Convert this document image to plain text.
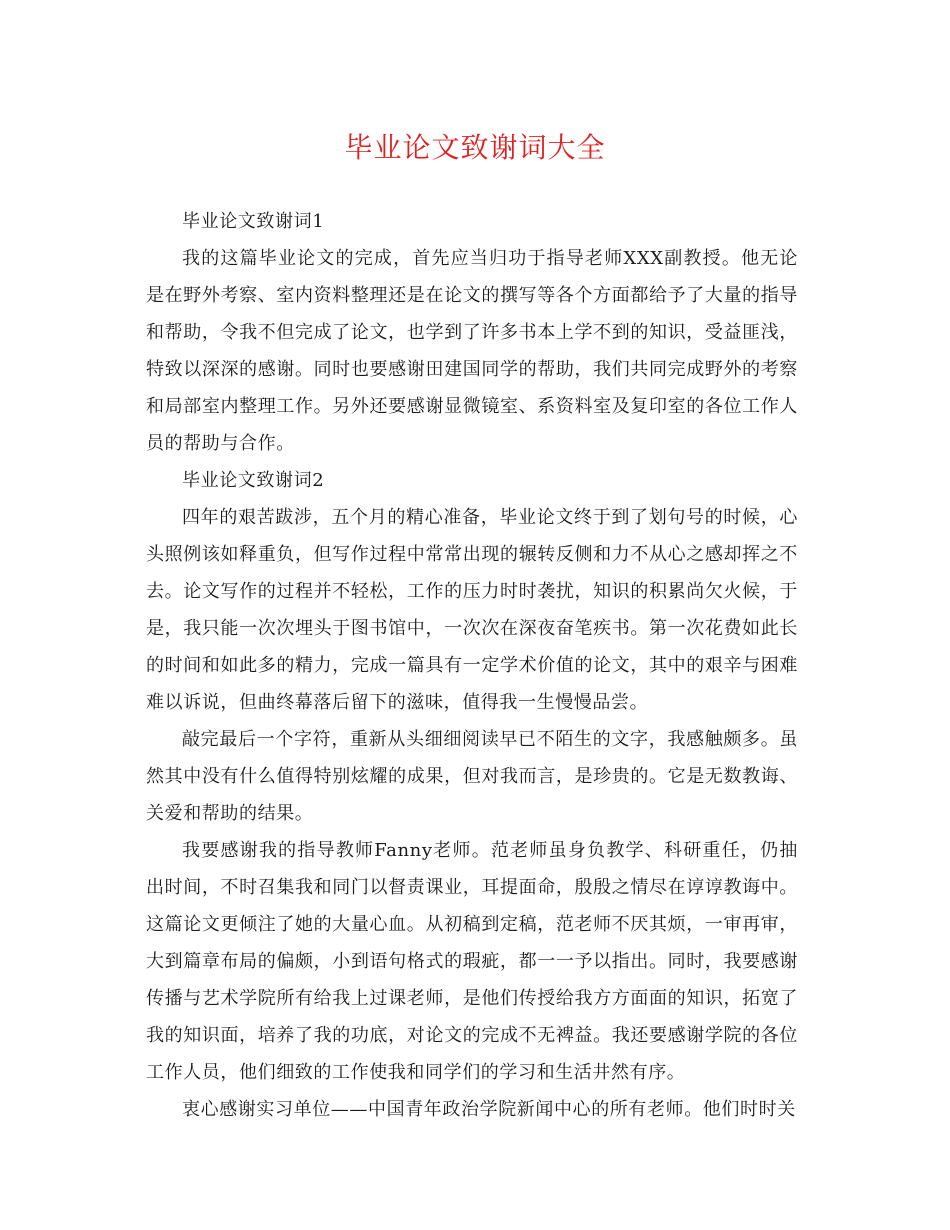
毕业论文致谢词大全

毕业论文致谢词1

我的这篇毕业论文的完成，首先应当归功于指导老师XXX副教授。他无论是在野外考察、室内资料整理还是在论文的撰写等各个方面都给予了大量的指导和帮助，令我不但完成了论文，也学到了许多书本上学不到的知识，受益匪浅，特致以深深的感谢。同时也要感谢田建国同学的帮助，我们共同完成野外的考察和局部室内整理工作。另外还要感谢显微镜室、系资料室及复印室的各位工作人员的帮助与合作。

毕业论文致谢词2

四年的艰苦跋涉，五个月的精心准备，毕业论文终于到了划句号的时候，心头照例该如释重负，但写作过程中常常出现的辗转反侧和力不从心之感却挥之不去。论文写作的过程并不轻松，工作的压力时时袭扰，知识的积累尚欠火候，于是，我只能一次次埋头于图书馆中，一次次在深夜奋笔疾书。第一次花费如此长的时间和如此多的精力，完成一篇具有一定学术价值的论文，其中的艰辛与困难难以诉说，但曲终幕落后留下的滋味，值得我一生慢慢品尝。

敲完最后一个字符，重新从头细细阅读早已不陌生的文字，我感触颇多。虽然其中没有什么值得特别炫耀的成果，但对我而言，是珍贵的。它是无数教诲、关爱和帮助的结果。

我要感谢我的指导教师Fanny老师。范老师虽身负教学、科研重任，仍抽出时间，不时召集我和同门以督责课业，耳提面命，殷殷之情尽在谆谆教诲中。这篇论文更倾注了她的大量心血。从初稿到定稿，范老师不厌其烦，一审再审，大到篇章布局的偏颇，小到语句格式的瑕疵，都一一予以指出。同时，我要感谢传播与艺术学院所有给我上过课老师，是他们传授给我方方面面的知识，拓宽了我的知识面，培养了我的功底，对论文的完成不无裨益。我还要感谢学院的各位工作人员，他们细致的工作使我和同学们的学习和生活井然有序。

衷心感谢实习单位——中国青年政治学院新闻中心的所有老师。他们时时关
